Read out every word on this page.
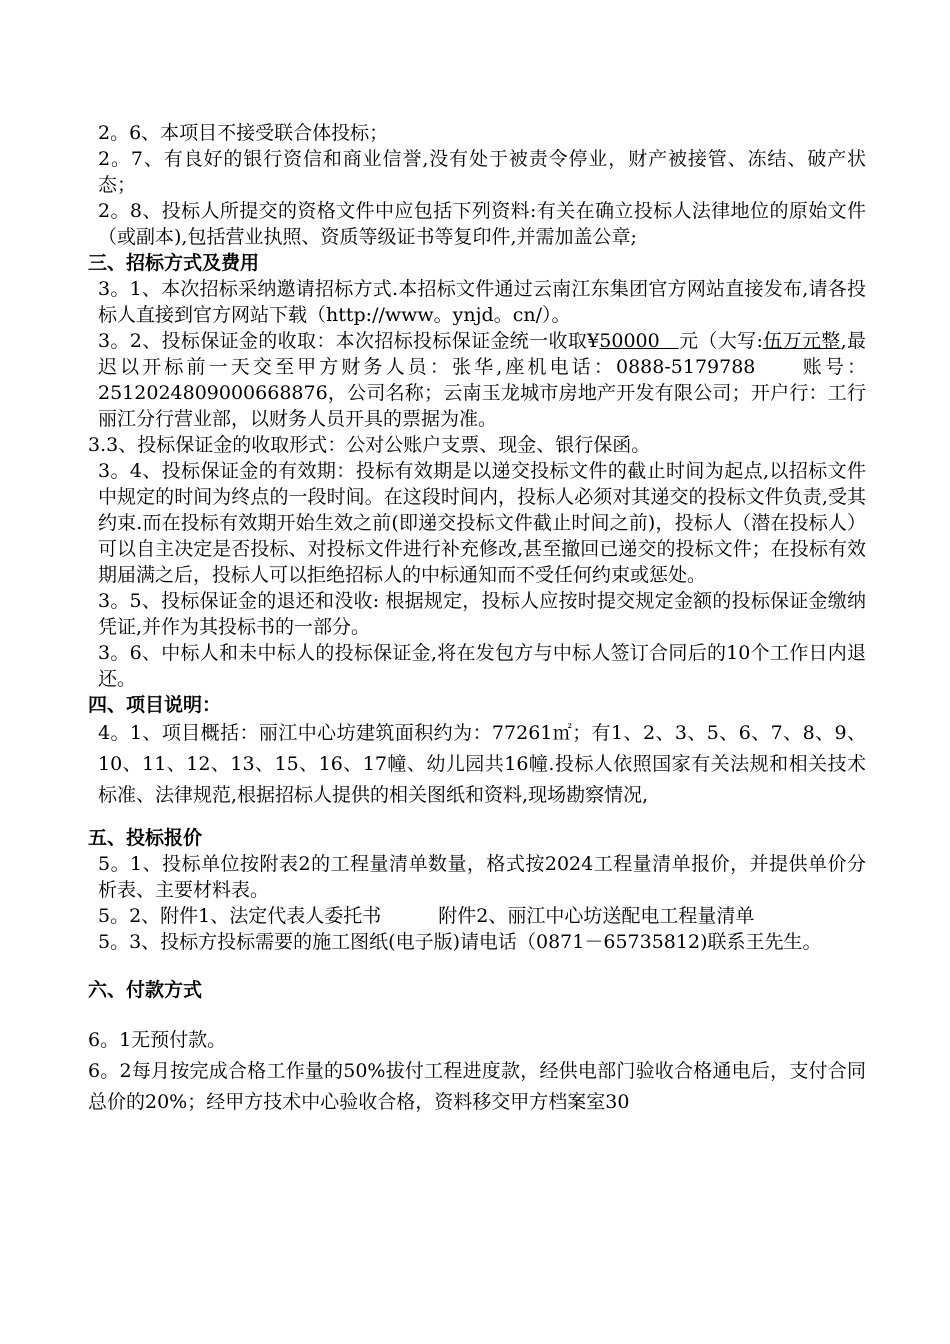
2。6、本项目不接受联合体投标；

2。7、有良好的银行资信和商业信誉,没有处于被责令停业，财产被接管、冻结、破产状态；

2。8、投标人所提交的资格文件中应包括下列资料:有关在确立投标人法律地位的原始文件（或副本),包括营业执照、资质等级证书等复印件,并需加盖公章;

三、招标方式及费用

3。1、本次招标采纳邀请招标方式.本招标文件通过云南江东集团官方网站直接发布,请各投标人直接到官方网站下载（http://www。ynjd。cn/）。

3。2、投标保证金的收取：本次招标投标保证金统一收取¥50000   元（大写:伍万元整,最迟以开标前一天交至甲方财务人员：张华,座机电话：0888-5179788　　账号：2512024809000668876，公司名称；云南玉龙城市房地产开发有限公司；开户行：工行丽江分行营业部，以财务人员开具的票据为准。

3.3、投标保证金的收取形式：公对公账户支票、现金、银行保函。

3。4、投标保证金的有效期：投标有效期是以递交投标文件的截止时间为起点,以招标文件中规定的时间为终点的一段时间。在这段时间内，投标人必须对其递交的投标文件负责,受其约束.而在投标有效期开始生效之前(即递交投标文件截止时间之前)，投标人（潜在投标人）可以自主决定是否投标、对投标文件进行补充修改,甚至撤回已递交的投标文件；在投标有效期届满之后，投标人可以拒绝招标人的中标通知而不受任何约束或惩处。

3。5、投标保证金的退还和没收: 根据规定，投标人应按时提交规定金额的投标保证金缴纳凭证,并作为其投标书的一部分。

3。6、中标人和未中标人的投标保证金,将在发包方与中标人签订合同后的10个工作日内退还。

四、项目说明：

4。1、项目概括：丽江中心坊建筑面积约为：77261㎡；有1、2、3、5、6、7、8、9、10、11、12、13、15、16、17幢、幼儿园共16幢.投标人依照国家有关法规和相关技术标准、法律规范,根据招标人提供的相关图纸和资料,现场勘察情况,

五、投标报价

5。1、投标单位按附表2的工程量清单数量，格式按2024工程量清单报价，并提供单价分析表、主要材料表。

5。2、附件1、法定代表人委托书　　　附件2、丽江中心坊送配电工程量清单

5。3、投标方投标需要的施工图纸(电子版)请电话（0871－65735812)联系王先生。

六、付款方式

6。1无预付款。

6。2每月按完成合格工作量的50%拔付工程进度款，经供电部门验收合格通电后，支付合同总价的20%；经甲方技术中心验收合格，资料移交甲方档案室30
